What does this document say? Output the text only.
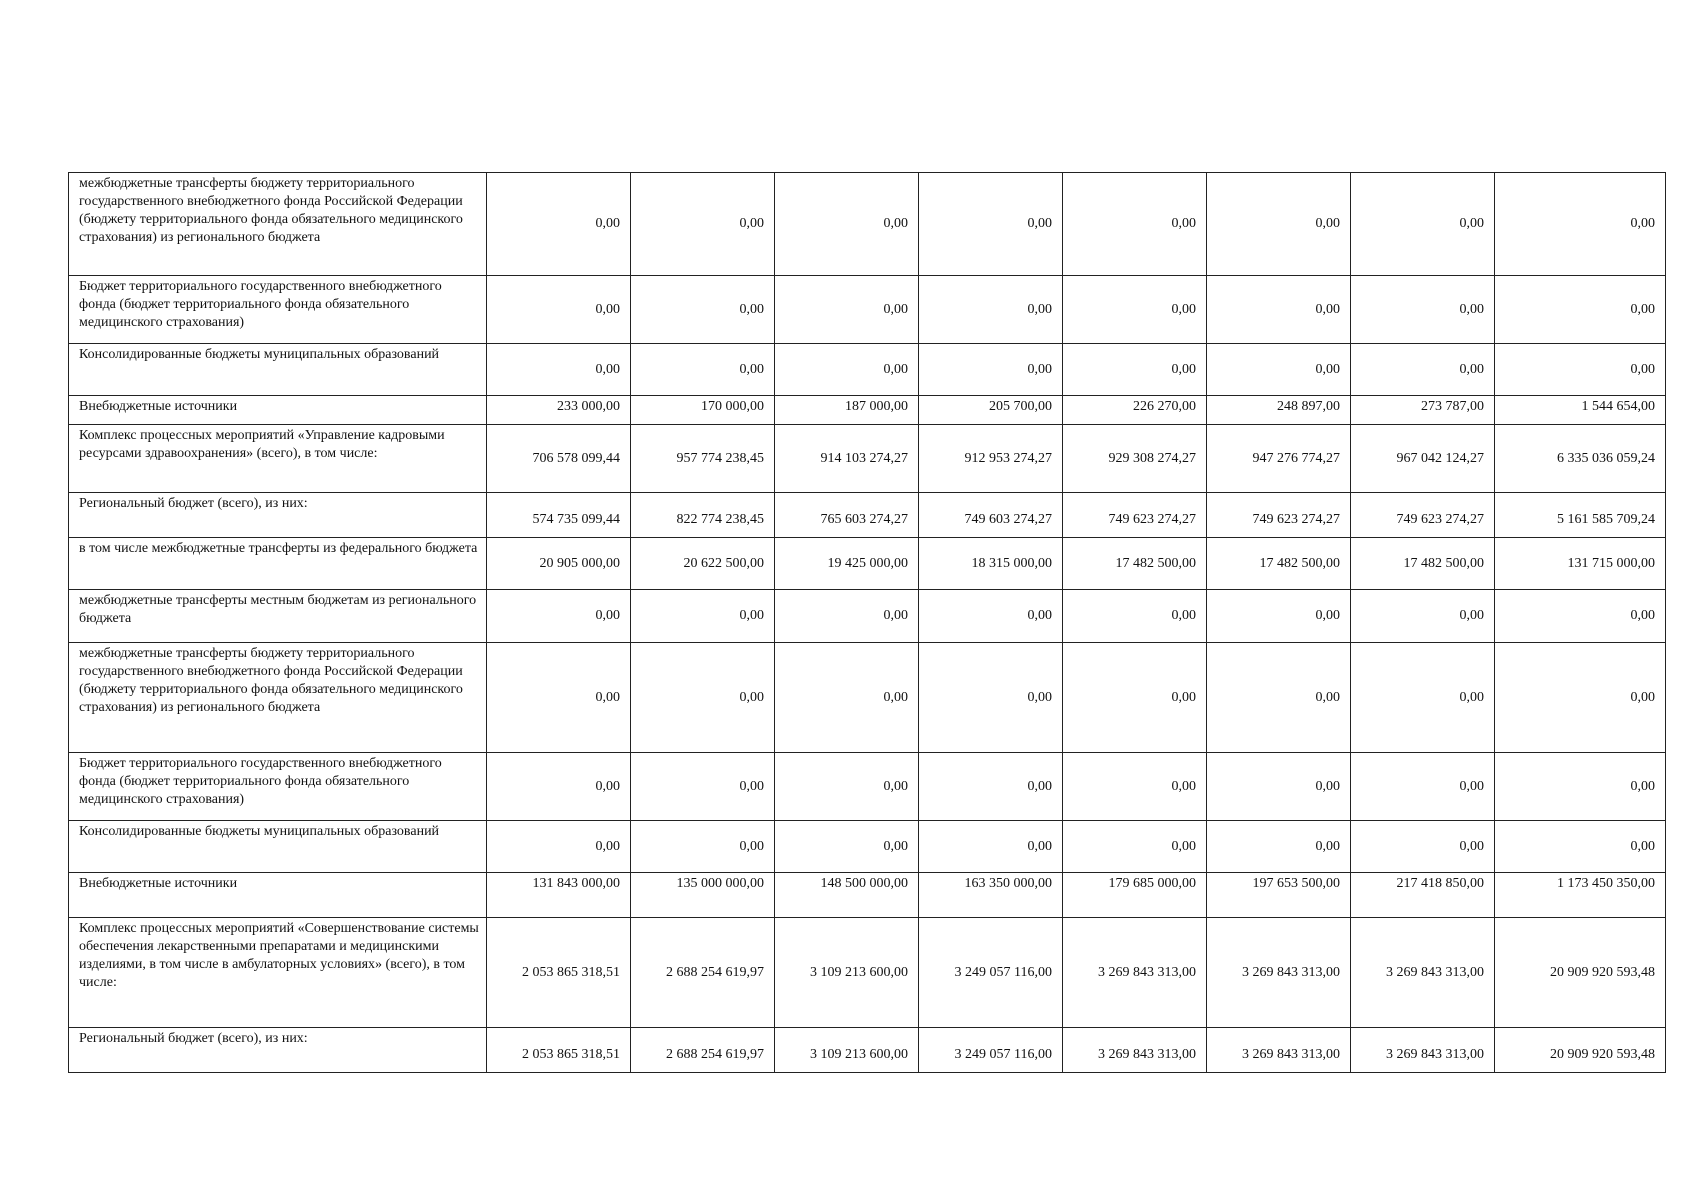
межбюджетные трансферты бюджету территориального государственного внебюджетного фонда Российской Федерации (бюджету территориального фонда обязательного медицинского страхования) из регионального бюджета	0,00	0,00	0,00	0,00	0,00	0,00	0,00	0,00
Бюджет территориального государственного внебюджетного фонда (бюджет территориального фонда обязательного медицинского страхования)	0,00	0,00	0,00	0,00	0,00	0,00	0,00	0,00
Консолидированные бюджеты муниципальных образований	0,00	0,00	0,00	0,00	0,00	0,00	0,00	0,00
Внебюджетные источники	233 000,00	170 000,00	187 000,00	205 700,00	226 270,00	248 897,00	273 787,00	1 544 654,00
Комплекс процессных мероприятий «Управление кадровыми ресурсами здравоохранения» (всего), в том числе:	706 578 099,44	957 774 238,45	914 103 274,27	912 953 274,27	929 308 274,27	947 276 774,27	967 042 124,27	6 335 036 059,24
Региональный бюджет (всего), из них:	574 735 099,44	822 774 238,45	765 603 274,27	749 603 274,27	749 623 274,27	749 623 274,27	749 623 274,27	5 161 585 709,24
в том числе межбюджетные трансферты из федерального бюджета	20 905 000,00	20 622 500,00	19 425 000,00	18 315 000,00	17 482 500,00	17 482 500,00	17 482 500,00	131 715 000,00
межбюджетные трансферты местным бюджетам из регионального бюджета	0,00	0,00	0,00	0,00	0,00	0,00	0,00	0,00
межбюджетные трансферты бюджету территориального государственного внебюджетного фонда Российской Федерации (бюджету территориального фонда обязательного медицинского страхования) из регионального бюджета	0,00	0,00	0,00	0,00	0,00	0,00	0,00	0,00
Бюджет территориального государственного внебюджетного фонда (бюджет территориального фонда обязательного медицинского страхования)	0,00	0,00	0,00	0,00	0,00	0,00	0,00	0,00
Консолидированные бюджеты муниципальных образований	0,00	0,00	0,00	0,00	0,00	0,00	0,00	0,00
Внебюджетные источники	131 843 000,00	135 000 000,00	148 500 000,00	163 350 000,00	179 685 000,00	197 653 500,00	217 418 850,00	1 173 450 350,00
Комплекс процессных мероприятий «Совершенствование системы обеспечения лекарственными препаратами и медицинскими изделиями, в том числе в амбулаторных условиях» (всего), в том числе:	2 053 865 318,51	2 688 254 619,97	3 109 213 600,00	3 249 057 116,00	3 269 843 313,00	3 269 843 313,00	3 269 843 313,00	20 909 920 593,48
Региональный бюджет (всего), из них:	2 053 865 318,51	2 688 254 619,97	3 109 213 600,00	3 249 057 116,00	3 269 843 313,00	3 269 843 313,00	3 269 843 313,00	20 909 920 593,48
